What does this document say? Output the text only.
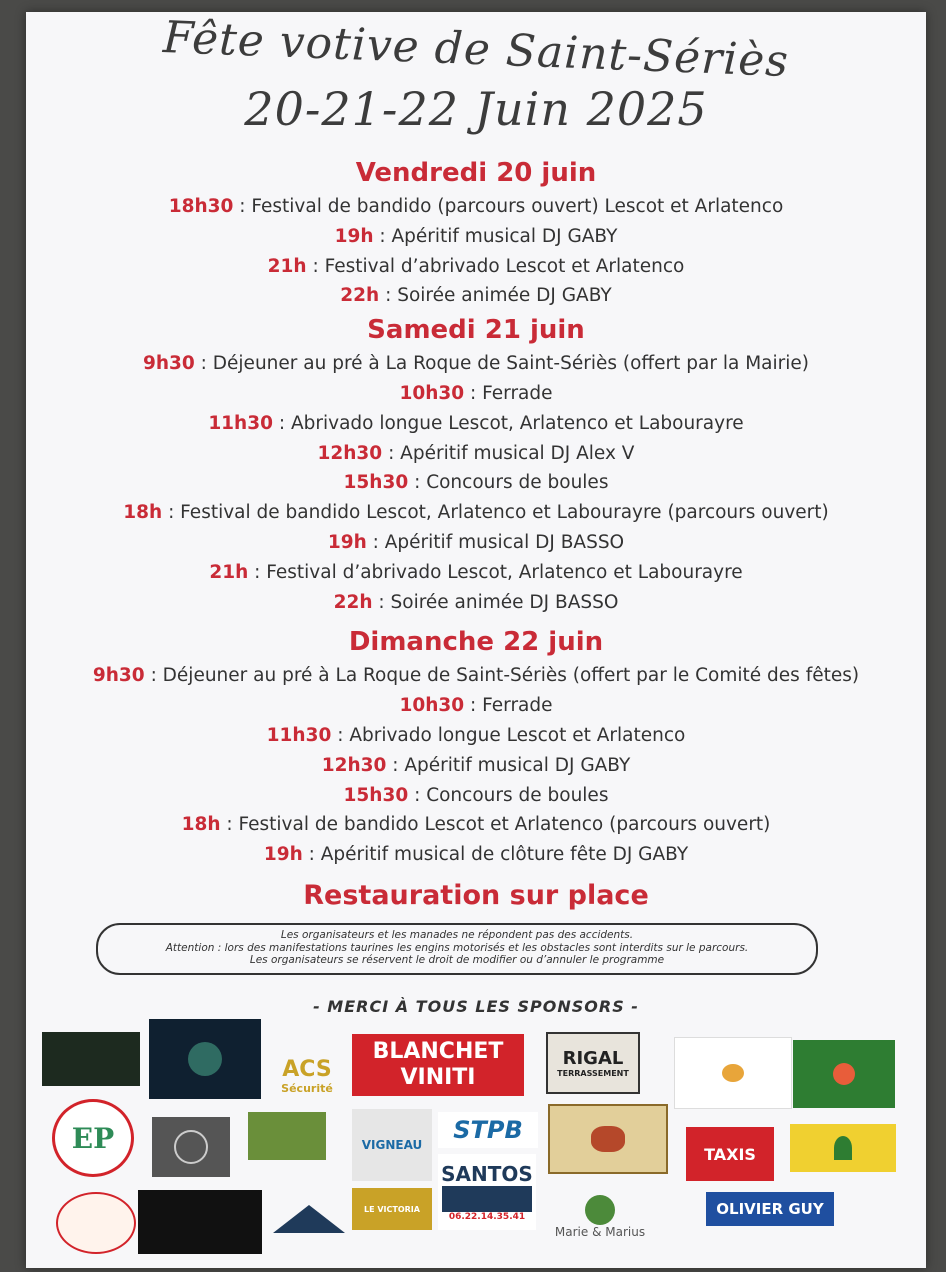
Fête votive de Saint-Sériès
20-21-22 Juin 2025
Vendredi 20 juin
18h30 : Festival de bandido (parcours ouvert) Lescot et Arlatenco
19h : Apéritif musical DJ GABY
21h : Festival d’abrivado Lescot et Arlatenco
22h : Soirée animée DJ GABY
Samedi 21 juin
9h30 : Déjeuner au pré à La Roque de Saint-Sériès (offert par la Mairie)
10h30 : Ferrade
11h30 : Abrivado longue Lescot, Arlatenco et Labourayre
12h30 : Apéritif musical DJ Alex V
15h30 : Concours de boules
18h : Festival de bandido Lescot, Arlatenco et Labourayre (parcours ouvert)
19h : Apéritif musical DJ BASSO
21h : Festival d’abrivado Lescot, Arlatenco et Labourayre
22h : Soirée animée DJ BASSO
Dimanche 22 juin
9h30 : Déjeuner au pré à La Roque de Saint-Sériès (offert par le Comité des fêtes)
10h30 : Ferrade
11h30 : Abrivado longue Lescot et Arlatenco
12h30 : Apéritif musical DJ GABY
15h30 : Concours de boules
18h : Festival de bandido Lescot et Arlatenco (parcours ouvert)
19h : Apéritif musical de clôture fête DJ GABY
Restauration sur place
Les organisateurs et les manades ne répondent pas des accidents.
Attention : lors des manifestations taurines les engins motorisés et les obstacles sont interdits sur le parcours.
Les organisateurs se réservent le droit de modifier ou d’annuler le programme
- MERCI À TOUS LES SPONSORS -
ACS
Sécurité
BLANCHET
VINITI
RIGAL
TERRASSEMENT
EP	VIGNEAU
STPB
SANTOS
06.22.14.35.41
TAXIS
LE VICTORIA
Marie & Marius
OLIVIER GUY
